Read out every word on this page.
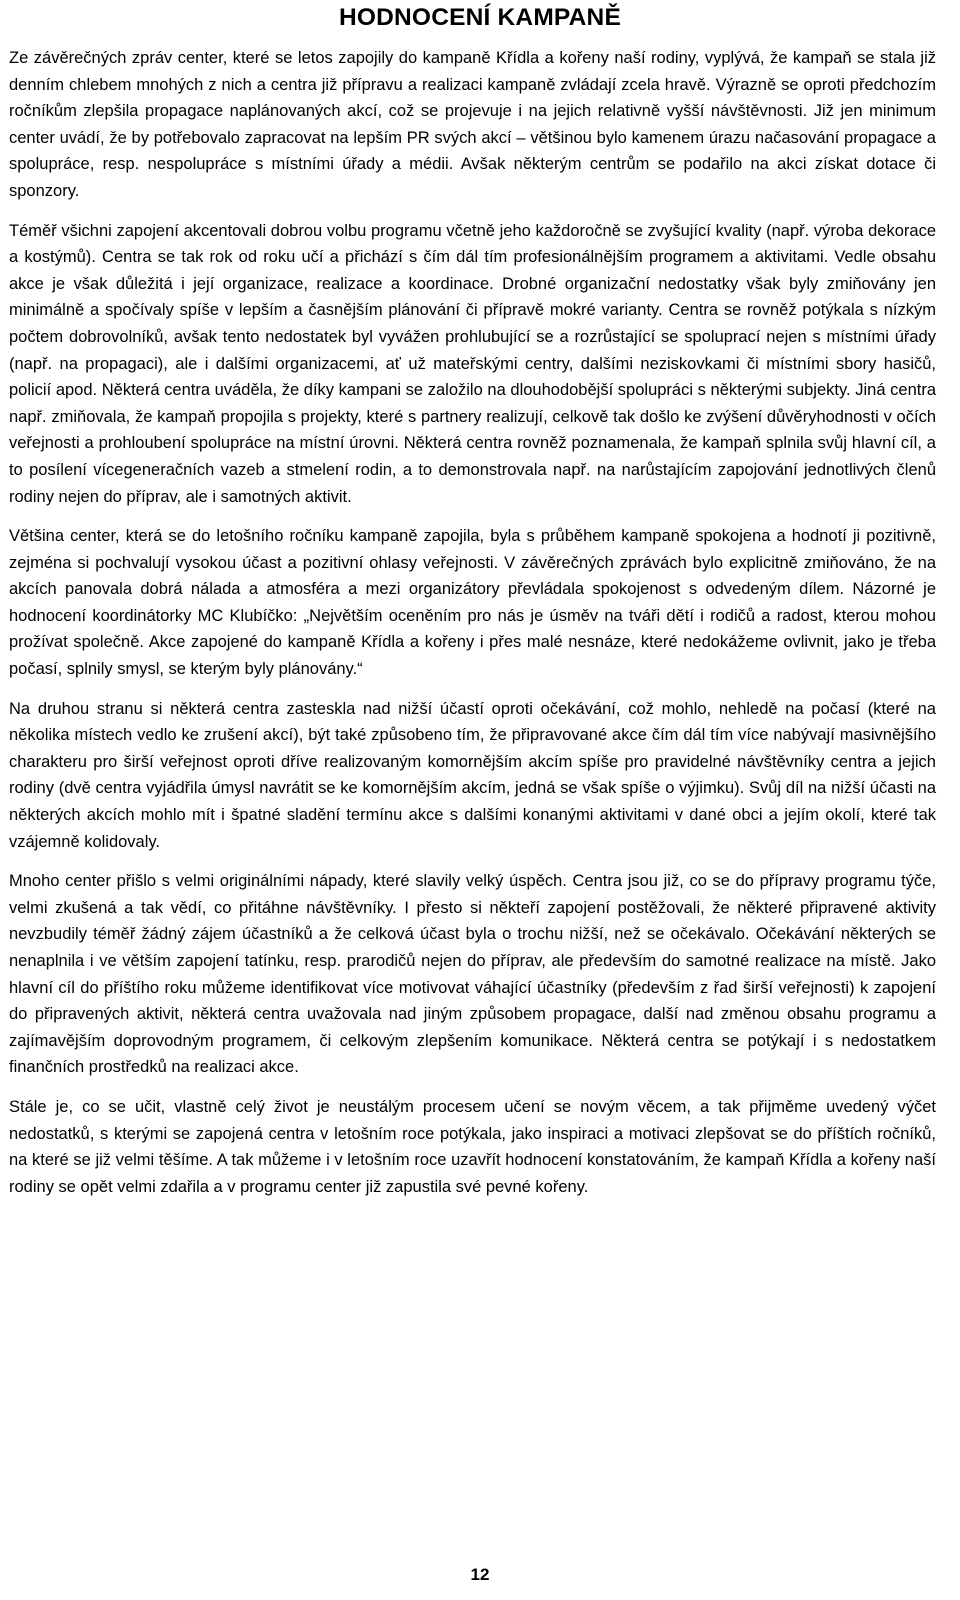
HODNOCENÍ KAMPANĚ

Ze závěrečných zpráv center, které se letos zapojily do kampaně Křídla a kořeny naší rodiny, vyplývá, že kampaň se stala již denním chlebem mnohých z nich a centra již přípravu a realizaci kampaně zvládají zcela hravě. Výrazně se oproti předchozím ročníkům zlepšila propagace naplánovaných akcí, což se projevuje i na jejich relativně vyšší návštěvnosti. Již jen minimum center uvádí, že by potřebovalo zapracovat na lepším PR svých akcí – většinou bylo kamenem úrazu načasování propagace a spolupráce, resp. nespolupráce s místními úřady a médii. Avšak některým centrům se podařilo na akci získat dotace či sponzory.

Téměř všichni zapojení akcentovali dobrou volbu programu včetně jeho každoročně se zvyšující kvality (např. výroba dekorace a kostýmů). Centra se tak rok od roku učí a přichází s čím dál tím profesionálnějším programem a aktivitami. Vedle obsahu akce je však důležitá i její organizace, realizace a koordinace. Drobné organizační nedostatky však byly zmiňovány jen minimálně a spočívaly spíše v lepším a časnějším plánování či přípravě mokré varianty. Centra se rovněž potýkala s nízkým počtem dobrovolníků, avšak tento nedostatek byl vyvážen prohlubující se a rozrůstající se spoluprací nejen s místními úřady (např. na propagaci), ale i dalšími organizacemi, ať už mateřskými centry, dalšími neziskovkami či místními sbory hasičů, policií apod. Některá centra uváděla, že díky kampani se založilo na dlouhodobější spolupráci s některými subjekty. Jiná centra např. zmiňovala, že kampaň propojila s projekty, které s partnery realizují, celkově tak došlo ke zvýšení důvěryhodnosti v očích veřejnosti a prohloubení spolupráce na místní úrovni. Některá centra rovněž poznamenala, že kampaň splnila svůj hlavní cíl, a to posílení vícegeneračních vazeb a stmelení rodin, a to demonstrovala např. na narůstajícím zapojování jednotlivých členů rodiny nejen do příprav, ale i samotných aktivit.

Většina center, která se do letošního ročníku kampaně zapojila, byla s průběhem kampaně spokojena a hodnotí ji pozitivně, zejména si pochvalují vysokou účast a pozitivní ohlasy veřejnosti. V závěrečných zprávách bylo explicitně zmiňováno, že na akcích panovala dobrá nálada a atmosféra a mezi organizátory převládala spokojenost s odvedeným dílem. Názorné je hodnocení koordinátorky MC Klubíčko: „Největším oceněním pro nás je úsměv na tváři dětí i rodičů a radost, kterou mohou prožívat společně. Akce zapojené do kampaně Křídla a kořeny i přes malé nesnáze, které nedokážeme ovlivnit, jako je třeba počasí, splnily smysl, se kterým byly plánovány.“

Na druhou stranu si některá centra zasteskla nad nižší účastí oproti očekávání, což mohlo, nehledě na počasí (které na několika místech vedlo ke zrušení akcí), být také způsobeno tím, že připravované akce čím dál tím více nabývají masivnějšího charakteru pro širší veřejnost oproti dříve realizovaným komornějším akcím spíše pro pravidelné návštěvníky centra a jejich rodiny (dvě centra vyjádřila úmysl navrátit se ke komornějším akcím, jedná se však spíše o výjimku). Svůj díl na nižší účasti na některých akcích mohlo mít i špatné sladění termínu akce s dalšími konanými aktivitami v dané obci a jejím okolí, které tak vzájemně kolidovaly.

Mnoho center přišlo s velmi originálními nápady, které slavily velký úspěch. Centra jsou již, co se do přípravy programu týče, velmi zkušená a tak vědí, co přitáhne návštěvníky. I přesto si někteří zapojení postěžovali, že některé připravené aktivity nevzbudily téměř žádný zájem účastníků a že celková účast byla o trochu nižší, než se očekávalo. Očekávání některých se nenaplnila i ve větším zapojení tatínku, resp. prarodičů nejen do příprav, ale především do samotné realizace na místě. Jako hlavní cíl do příštího roku můžeme identifikovat více motivovat váhající účastníky (především z řad širší veřejnosti) k zapojení do připravených aktivit, některá centra uvažovala nad jiným způsobem propagace, další nad změnou obsahu programu a zajímavějším doprovodným programem, či celkovým zlepšením komunikace. Některá centra se potýkají i s nedostatkem finančních prostředků na realizaci akce.

Stále je, co se učit, vlastně celý život je neustálým procesem učení se novým věcem, a tak přijměme uvedený výčet nedostatků, s kterými se zapojená centra v letošním roce potýkala, jako inspiraci a motivaci zlepšovat se do příštích ročníků, na které se již velmi těšíme. A tak můžeme i v letošním roce uzavřít hodnocení konstatováním, že kampaň Křídla a kořeny naší rodiny se opět velmi zdařila a v programu center již zapustila své pevné kořeny.

12
